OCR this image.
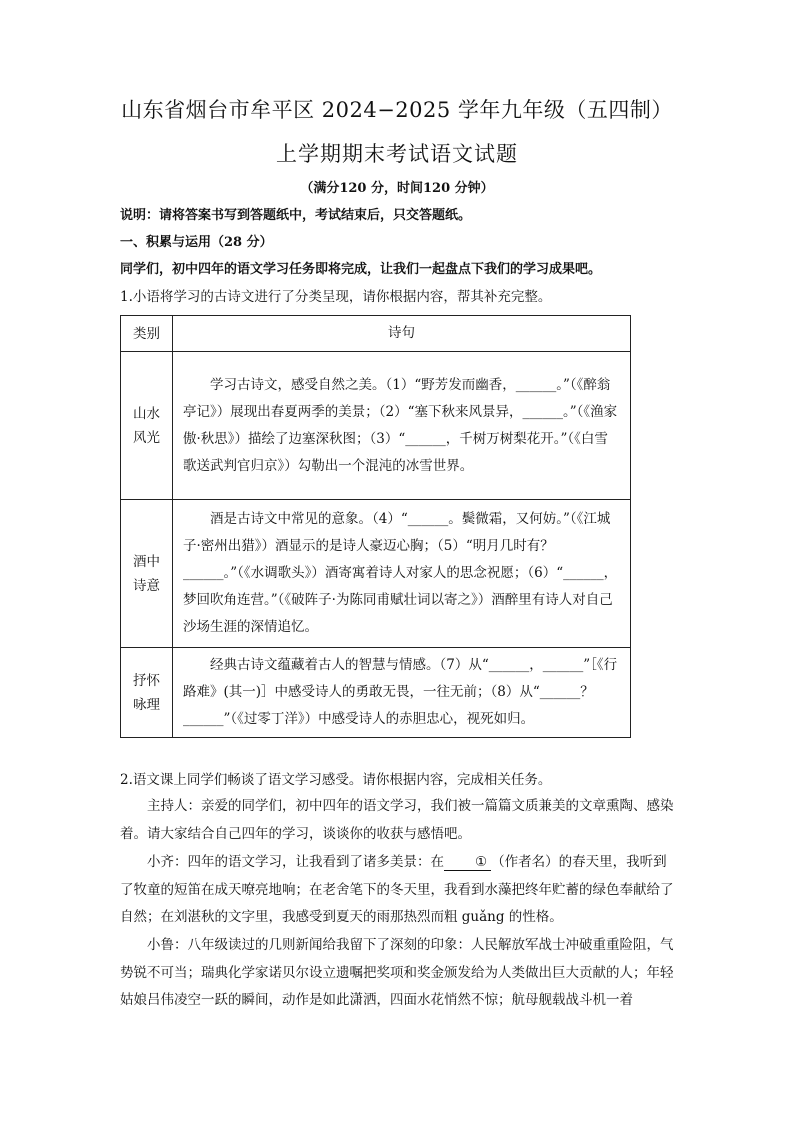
山东省烟台市牟平区 2024−2025 学年九年级（五四制）
上学期期末考试语文试题
（满分120 分，时间120 分钟）
说明：请将答案书写到答题纸中，考试结束后，只交答题纸。
一、积累与运用（28 分）
同学们，初中四年的语文学习任务即将完成，让我们一起盘点下我们的学习成果吧。
1.小语将学习的古诗文进行了分类呈现，请你根据内容，帮其补充完整。
类别	诗句
山水
风光	学习古诗文，感受自然之美。（1）“野芳发而幽香，______。”（《醉翁亭记》）展现出春夏两季的美景；（2）“塞下秋来风景异，______。”（《渔家傲·秋思》）描绘了边塞深秋图；（3）“______，千树万树梨花开。”（《白雪歌送武判官归京》）勾勒出一个混沌的冰雪世界。
酒中
诗意	酒是古诗文中常见的意象。（4）“______。鬓微霜，又何妨。”（《江城子·密州出猎》）酒显示的是诗人豪迈心胸；（5）“明月几时有？______。”（《水调歌头》）酒寄寓着诗人对家人的思念祝愿；（6）“______，梦回吹角连营。”（《破阵子·为陈同甫赋壮词以寄之》）酒醉里有诗人对自己沙场生涯的深情追忆。
抒怀
咏理	经典古诗文蕴藏着古人的智慧与情感。（7）从“______，______”［《行路难》(其一)］中感受诗人的勇敢无畏，一往无前；（8）从“______？______”（《过零丁洋》）中感受诗人的赤胆忠心，视死如归。
2.语文课上同学们畅谈了语文学习感受。请你根据内容，完成相关任务。
主持人：亲爱的同学们，初中四年的语文学习，我们被一篇篇文质兼美的文章熏陶、感染着。请大家结合自己四年的学习，谈谈你的收获与感悟吧。
小齐：四年的语文学习，让我看到了诸多美景：在 ① （作者名）的春天里，我听到了牧童的短笛在成天嘹亮地响；在老舍笔下的冬天里，我看到水藻把终年贮蓄的绿色奉献给了自然；在刘湛秋的文字里，我感受到夏天的雨那热烈而粗 guǎng 的性格。
小鲁：八年级读过的几则新闻给我留下了深刻的印象：人民解放军战士冲破重重险阻，气势锐不可当；瑞典化学家诺贝尔设立遗嘱把奖项和奖金颁发给为人类做出巨大贡献的人；年轻姑娘吕伟凌空一跃的瞬间，动作是如此潇洒，四面水花悄然不惊；航母舰载战斗机一着
